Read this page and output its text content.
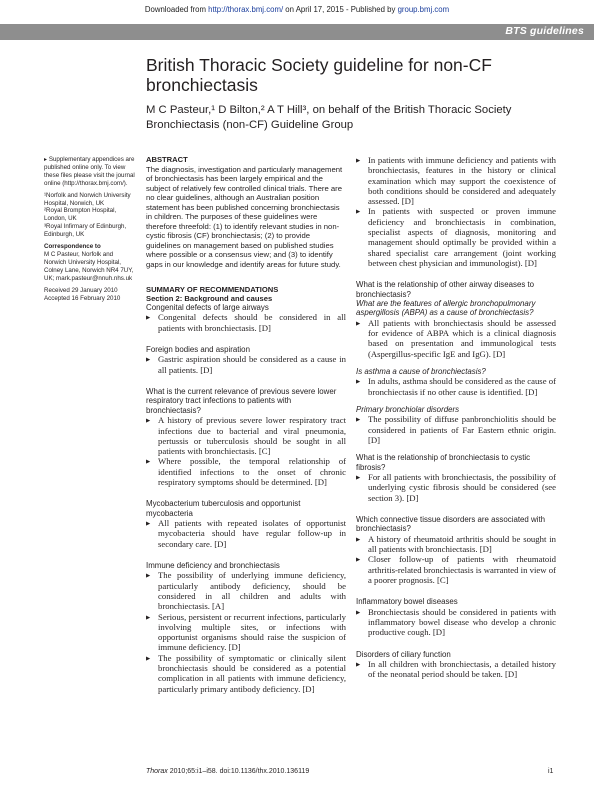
Downloaded from http://thorax.bmj.com/ on April 17, 2015 - Published by group.bmj.com
BTS guidelines
British Thoracic Society guideline for non-CF bronchiectasis
M C Pasteur,¹ D Bilton,² A T Hill³, on behalf of the British Thoracic Society Bronchiectasis (non-CF) Guideline Group

▸ Supplementary appendices are published online only. To view these files please visit the journal online (http://thorax.bmj.com/).

¹Norfolk and Norwich University Hospital, Norwich, UK

²Royal Brompton Hospital, London, UK

³Royal Infirmary of Edinburgh, Edinburgh, UK

Correspondence to

M C Pasteur, Norfolk and Norwich University Hospital, Colney Lane, Norwich NR4 7UY, UK; mark.pasteur@nnuh.nhs.uk

Received 29 January 2010

Accepted 16 February 2010

ABSTRACT

The diagnosis, investigation and particularly management of bronchiectasis has been largely empirical and the subject of relatively few controlled clinical trials. There are no clear guidelines, although an Australian position statement has been published concerning bronchiectasis in children. The purposes of these guidelines were therefore threefold: (1) to identify relevant studies in non-cystic fibrosis (CF) bronchiectasis; (2) to provide guidelines on management based on published studies where possible or a consensus view; and (3) to identify gaps in our knowledge and identify areas for future study.

SUMMARY OF RECOMMENDATIONS
Section 2: Background and causes
Congenital defects of large airways
▶ Congenital defects should be considered in all patients with bronchiectasis. [D]
Foreign bodies and aspiration
▶ Gastric aspiration should be considered as a cause in all patients. [D]
What is the current relevance of previous severe lower respiratory tract infections to patients with bronchiectasis?
▶ A history of previous severe lower respiratory tract infections due to bacterial and viral pneumonia, pertussis or tuberculosis should be sought in all patients with bronchiectasis. [C]
▶ Where possible, the temporal relationship of identified infections to the onset of chronic respiratory symptoms should be determined. [D]
Mycobacterium tuberculosis and opportunist mycobacteria
▶ All patients with repeated isolates of opportunist mycobacteria should have regular follow-up in secondary care. [D]
Immune deficiency and bronchiectasis
▶ The possibility of underlying immune deficiency, particularly antibody deficiency, should be considered in all children and adults with bronchiectasis. [A]
▶ Serious, persistent or recurrent infections, particularly involving multiple sites, or infections with opportunist organisms should raise the suspicion of immune deficiency. [D]
▶ The possibility of symptomatic or clinically silent bronchiectasis should be considered as a potential complication in all patients with immune deficiency, particularly primary antibody deficiency. [D]
▶ In patients with immune deficiency and patients with bronchiectasis, features in the history or clinical examination which may support the coexistence of both conditions should be considered and adequately assessed. [D]
▶ In patients with suspected or proven immune deficiency and bronchiectasis in combination, specialist aspects of diagnosis, monitoring and management should optimally be provided within a shared specialist care arrangement (joint working between chest physician and immunologist). [D]
What is the relationship of other airway diseases to bronchiectasis?
What are the features of allergic bronchopulmonary aspergillosis (ABPA) as a cause of bronchiectasis?
▶ All patients with bronchiectasis should be assessed for evidence of ABPA which is a clinical diagnosis based on presentation and immunological tests (Aspergillus-specific IgE and IgG). [D]
Is asthma a cause of bronchiectasis?
▶ In adults, asthma should be considered as the cause of bronchiectasis if no other cause is identified. [D]
Primary bronchiolar disorders
▶ The possibility of diffuse panbronchiolitis should be considered in patients of Far Eastern ethnic origin. [D]
What is the relationship of bronchiectasis to cystic fibrosis?
▶ For all patients with bronchiectasis, the possibility of underlying cystic fibrosis should be considered (see section 3). [D]
Which connective tissue disorders are associated with bronchiectasis?
▶ A history of rheumatoid arthritis should be sought in all patients with bronchiectasis. [D]
▶ Closer follow-up of patients with rheumatoid arthritis-related bronchiectasis is warranted in view of a poorer prognosis. [C]
Inflammatory bowel diseases
▶ Bronchiectasis should be considered in patients with inflammatory bowel disease who develop a chronic productive cough. [D]
Disorders of ciliary function
▶ In all children with bronchiectasis, a detailed history of the neonatal period should be taken. [D]
Thorax 2010;65:i1–i58. doi:10.1136/thx.2010.136119	i1
